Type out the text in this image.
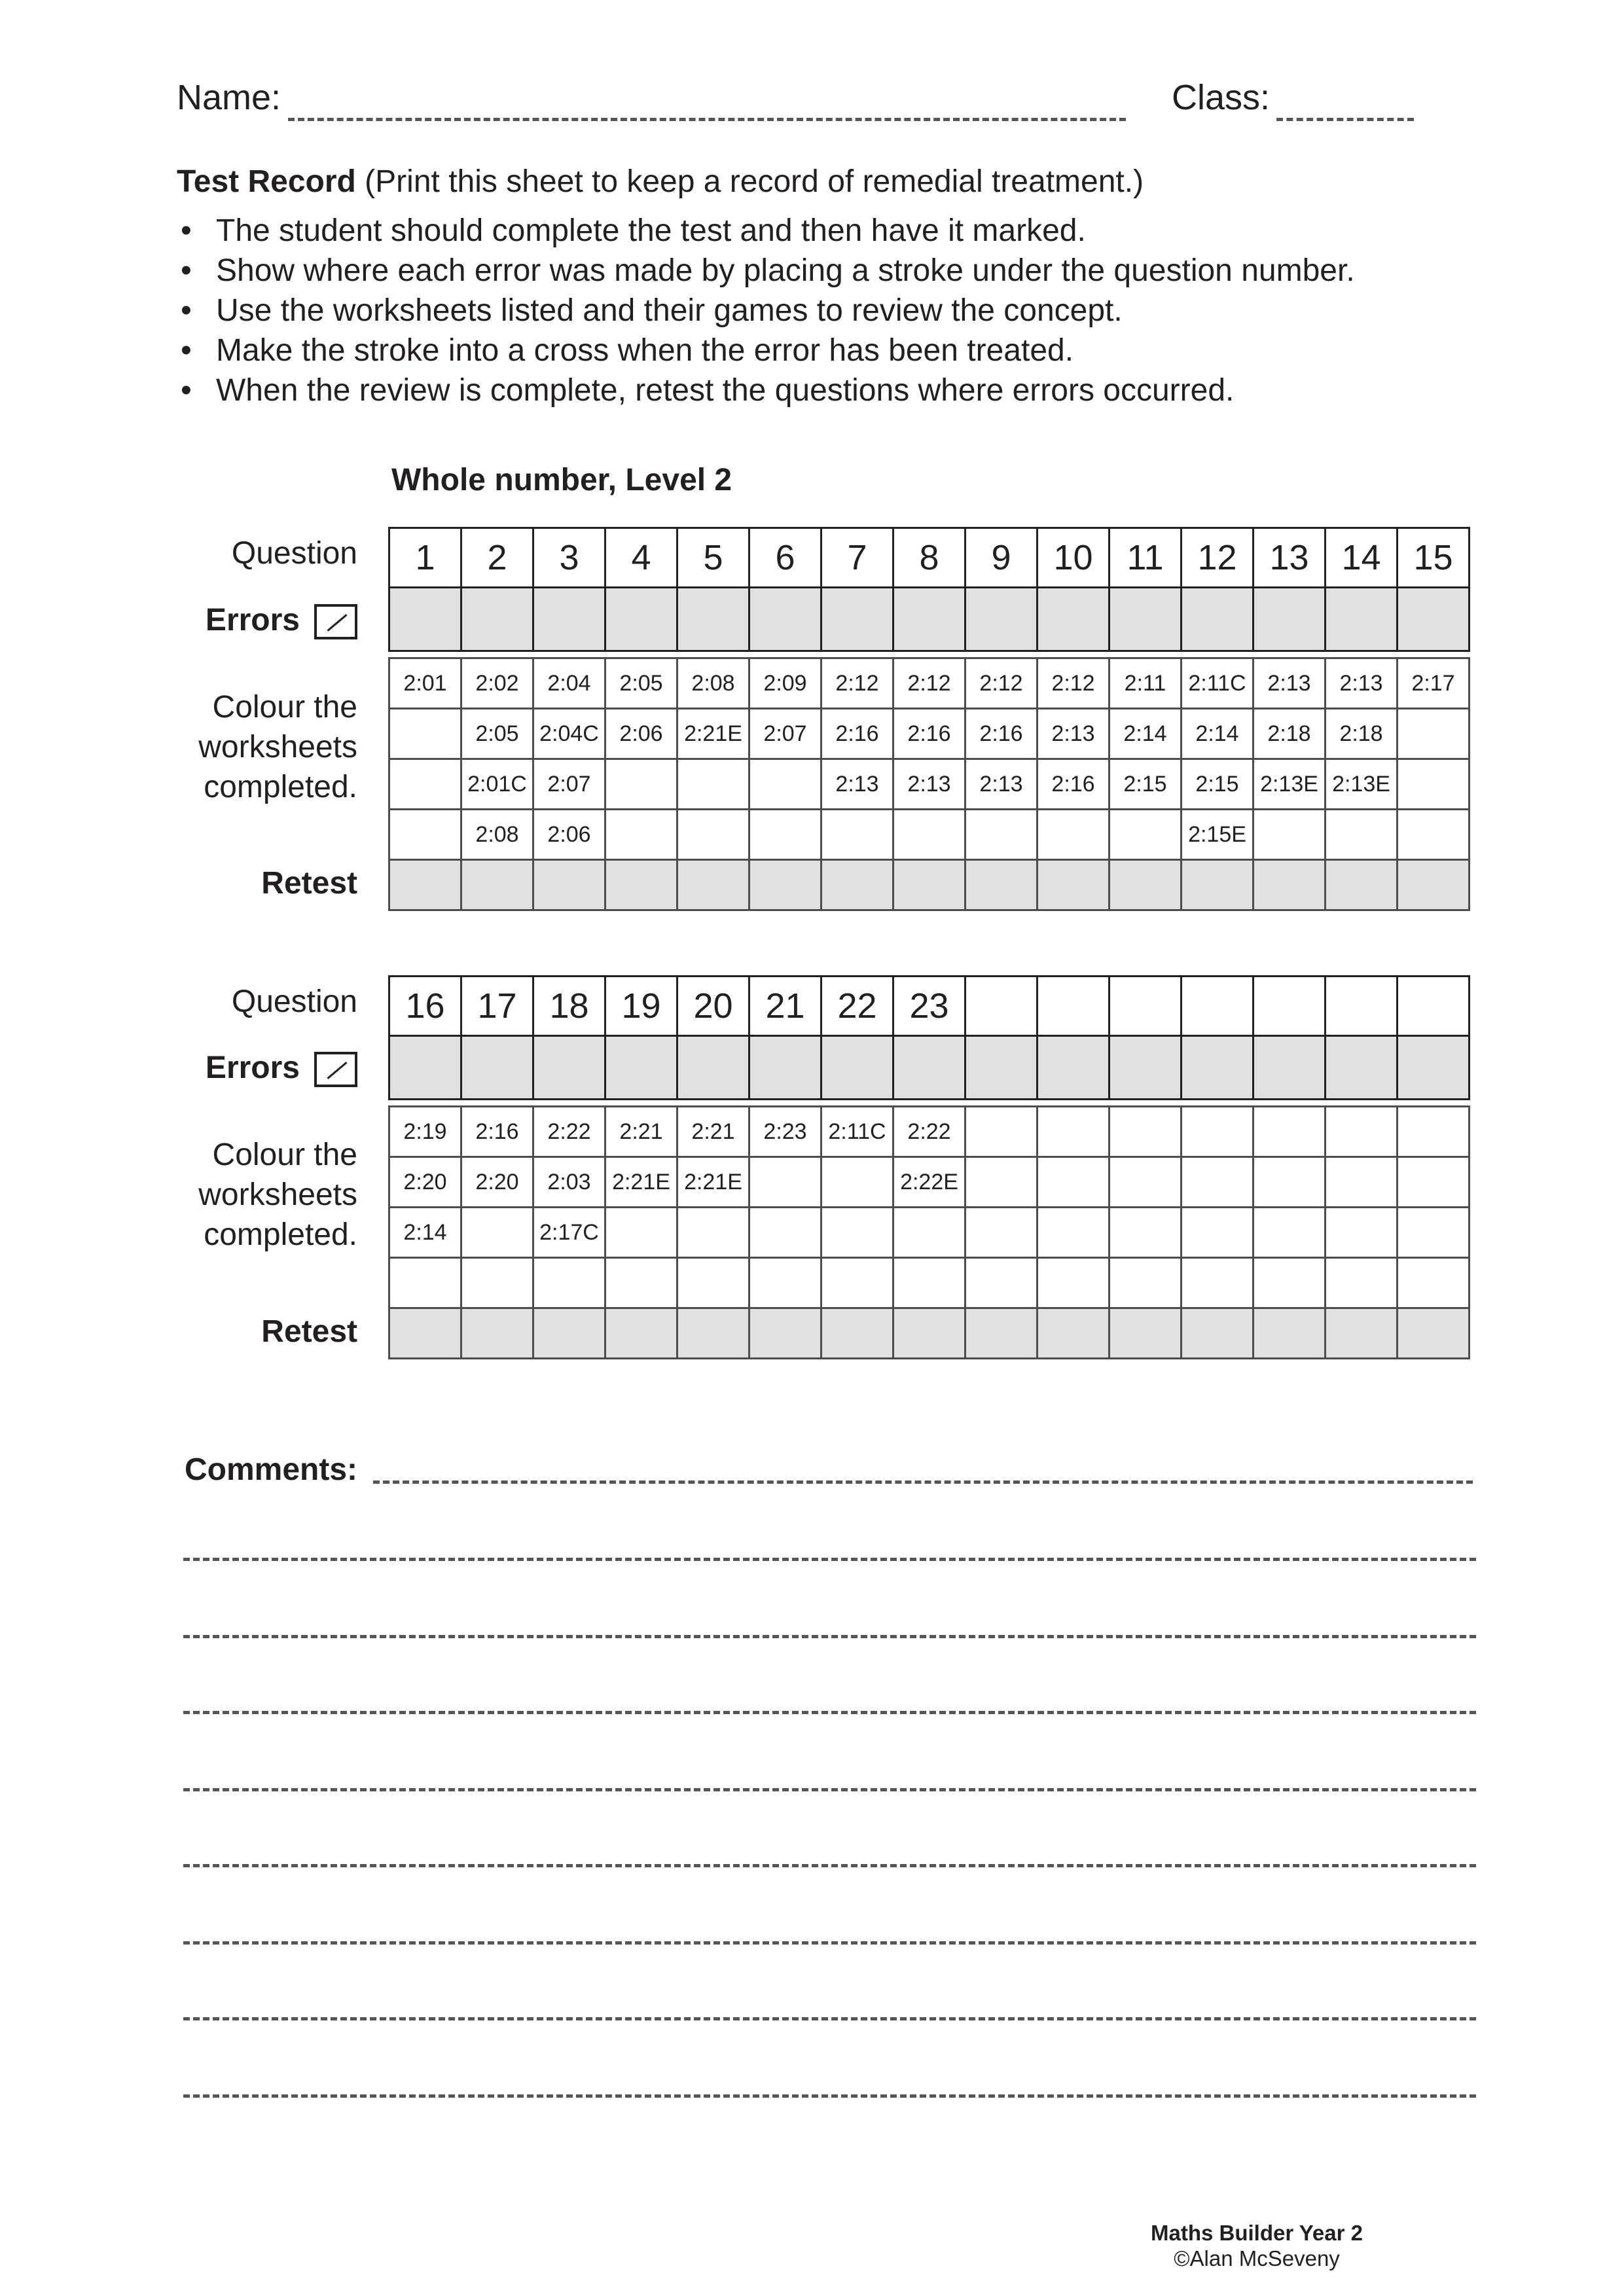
Name:	Class:
Test Record (Print this sheet to keep a record of remedial treatment.)
• The student should complete the test and then have it marked.
• Show where each error was made by placing a stroke under the question number.
• Use the worksheets listed and their games to review the concept.
• Make the stroke into a cross when the error has been treated.
• When the review is complete, retest the questions where errors occurred.
Whole number, Level 2
Question
Errors
Colour the
worksheets
completed.
Retest
1	2	3	4	5	6	7	8	9	10	11	12	13	14	15

2:01	2:02	2:04	2:05	2:08	2:09	2:12	2:12	2:12	2:12	2:11	2:11C	2:13	2:13	2:17
	2:05	2:04C	2:06	2:21E	2:07	2:16	2:16	2:16	2:13	2:14	2:14	2:18	2:18	
	2:01C	2:07				2:13	2:13	2:13	2:16	2:15	2:15	2:13E	2:13E	
	2:08	2:06									2:15E			

Question
Errors
Colour the
worksheets
completed.
Retest
16	17	18	19	20	21	22	23							

2:19	2:16	2:22	2:21	2:21	2:23	2:11C	2:22							
2:20	2:20	2:03	2:21E	2:21E			2:22E							
2:14		2:17C												

Comments:
Maths Builder Year 2
©Alan McSeveny
